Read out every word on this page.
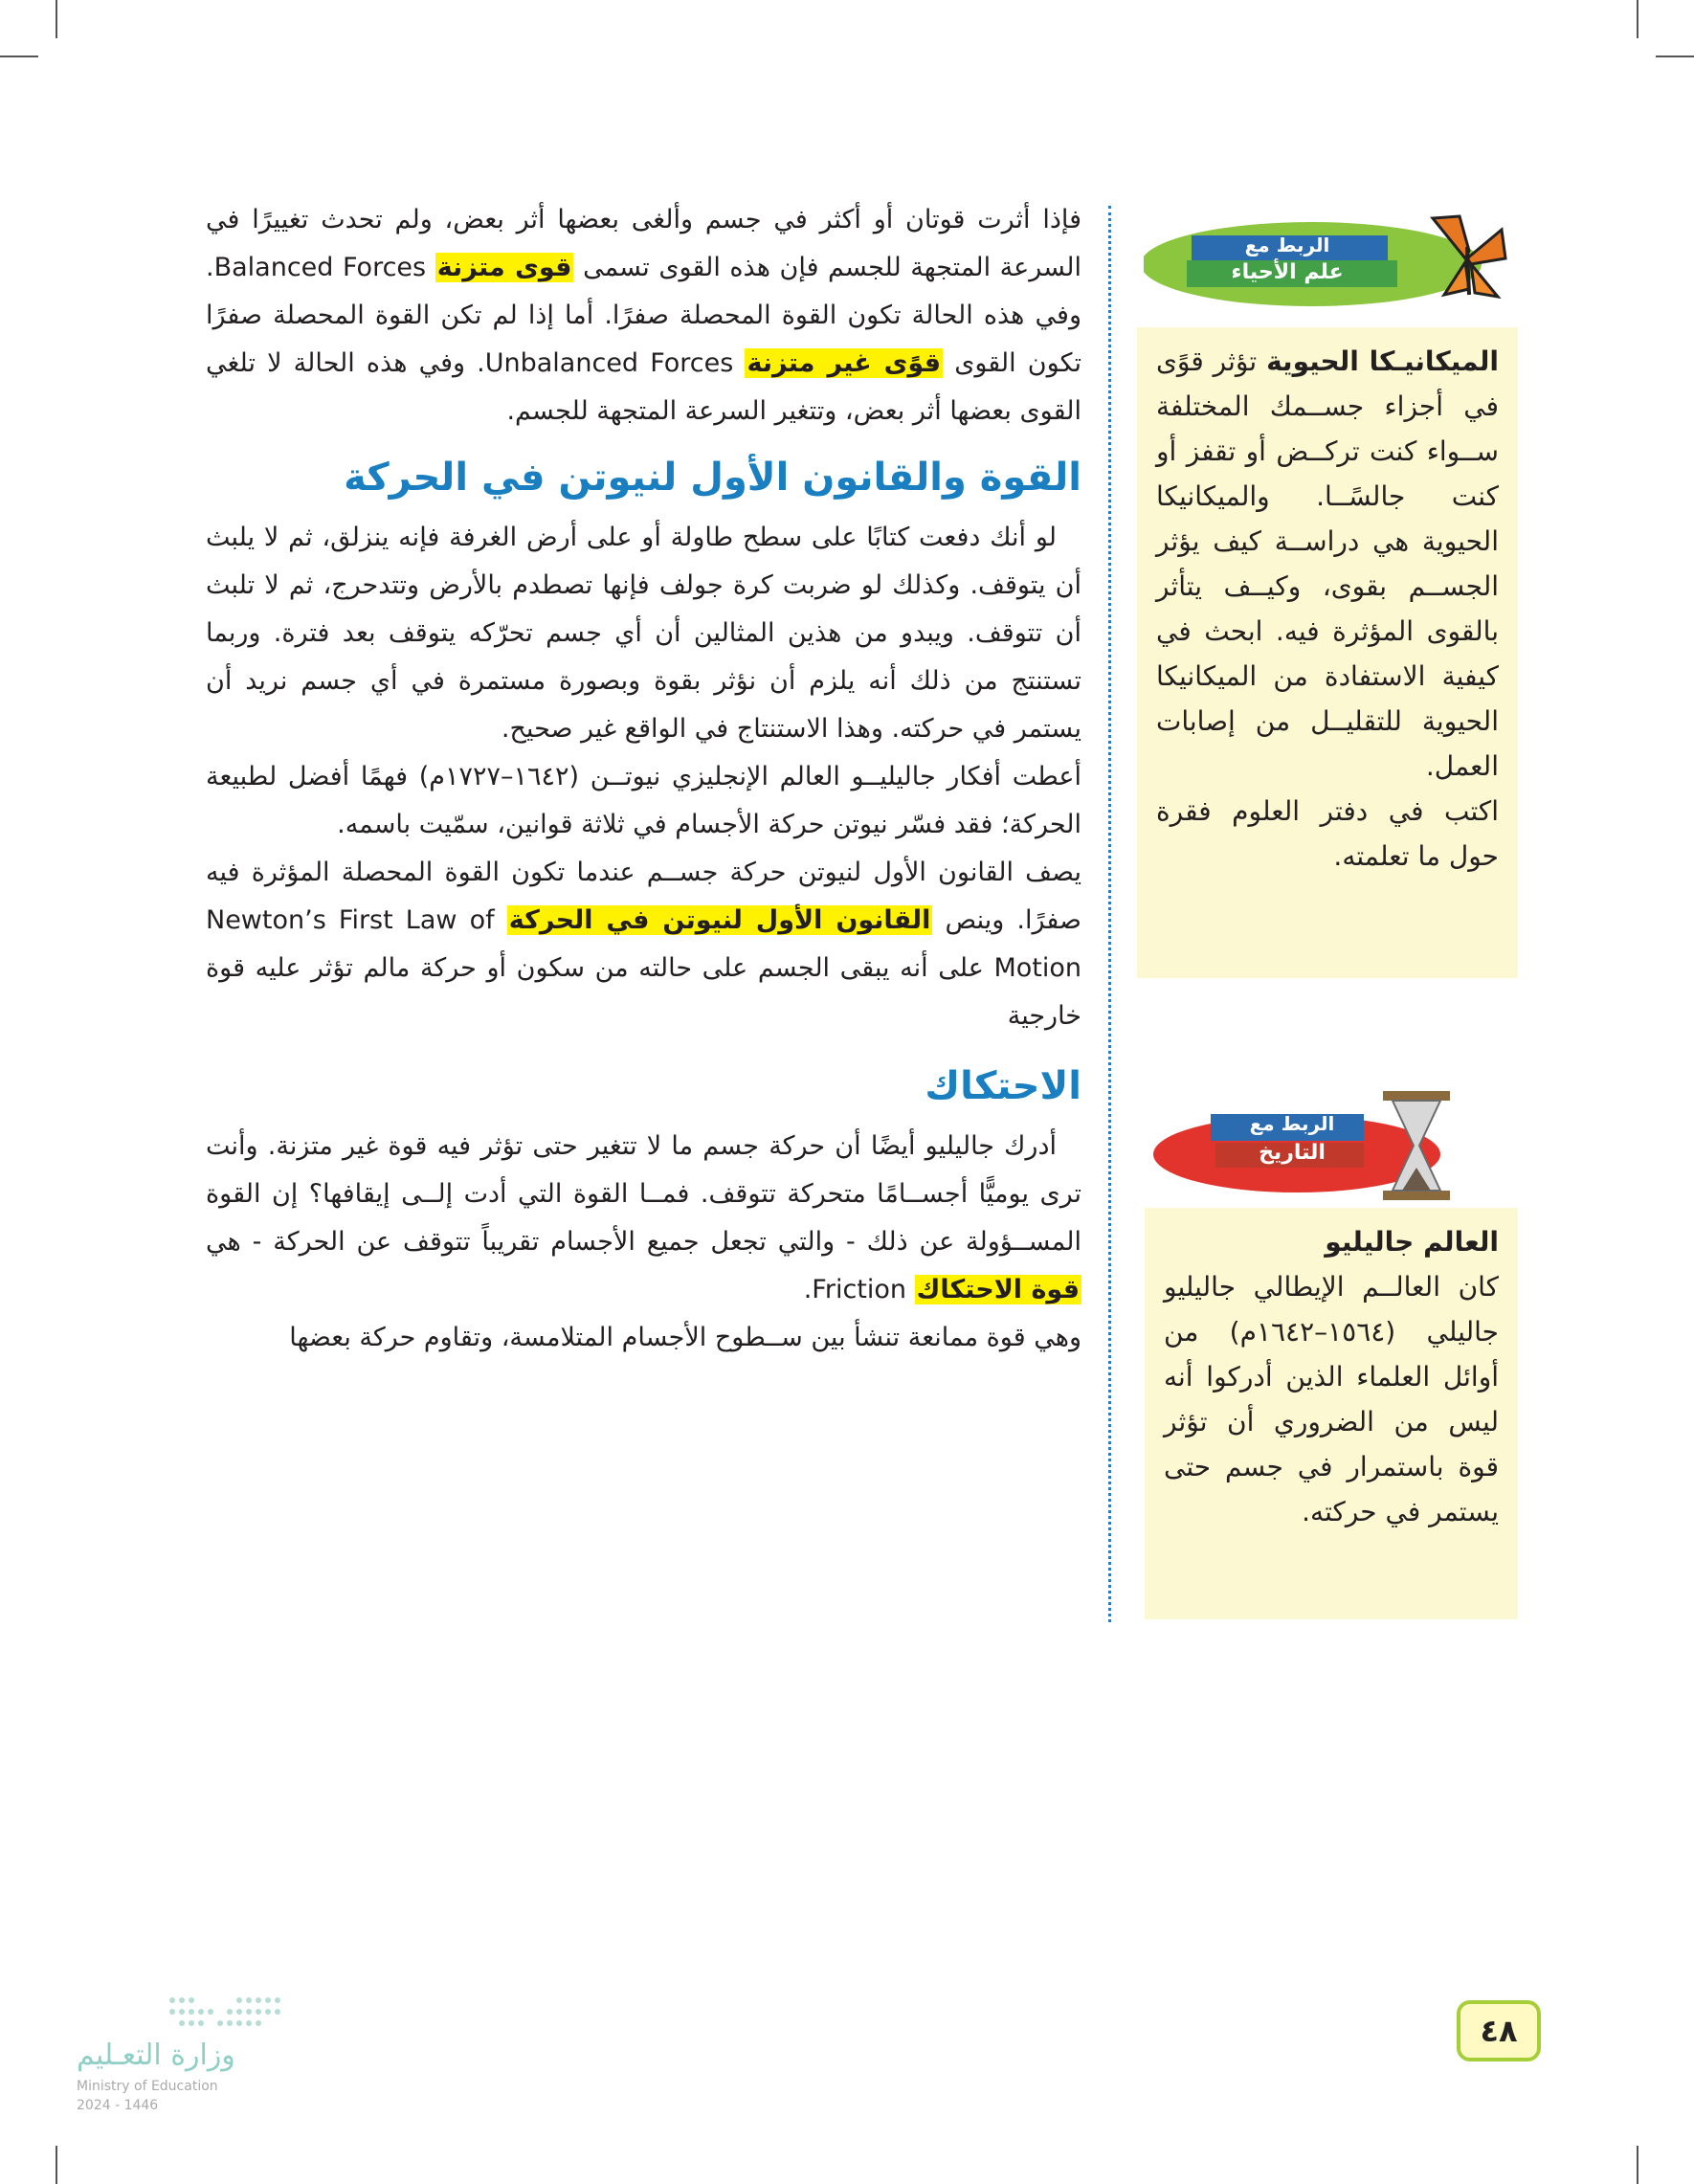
فإذا أثرت قوتان أو أكثر في جسم وألغى بعضها أثر بعض، ولم تحدث تغييرًا في السرعة المتجهة للجسم فإن هذه القوى تسمى قوى متزنة Balanced Forces. وفي هذه الحالة تكون القوة المحصلة صفرًا. أما إذا لم تكن القوة المحصلة صفرًا تكون القوى قوًى غير متزنة Unbalanced Forces. وفي هذه الحالة لا تلغي القوى بعضها أثر بعض، وتتغير السرعة المتجهة للجسم.

القوة والقانون الأول لنيوتن في الحركة

لو أنك دفعت كتابًا على سطح طاولة أو على أرض الغرفة فإنه ينزلق، ثم لا يلبث أن يتوقف. وكذلك لو ضربت كرة جولف فإنها تصطدم بالأرض وتتدحرج، ثم لا تلبث أن تتوقف. ويبدو من هذين المثالين أن أي جسم تحرّكه يتوقف بعد فترة. وربما تستنتج من ذلك أنه يلزم أن نؤثر بقوة وبصورة مستمرة في أي جسم نريد أن يستمر في حركته. وهذا الاستنتاج في الواقع غير صحيح.

أعطت أفكار جاليليــو العالم الإنجليزي نيوتــن (١٦٤٢–١٧٢٧م) فهمًا أفضل لطبيعة الحركة؛ فقد فسّر نيوتن حركة الأجسام في ثلاثة قوانين، سمّيت باسمه.

يصف القانون الأول لنيوتن حركة جســم عندما تكون القوة المحصلة المؤثرة فيه صفرًا. وينص القانون الأول لنيوتن في الحركة Newton’s First Law of Motion على أنه يبقى الجسم على حالته من سكون أو حركة مالم تؤثر عليه قوة خارجية

الاحتكاك

أدرك جاليليو أيضًا أن حركة جسم ما لا تتغير حتى تؤثر فيه قوة غير متزنة. وأنت ترى يوميًّا أجســامًا متحركة تتوقف. فمــا القوة التي أدت إلــى إيقافها؟ إن القوة المســؤولة عن ذلك - والتي تجعل جميع الأجسام تقريباً تتوقف عن الحركة - هي قوة الاحتكاك Friction.

وهي قوة ممانعة تنشأ بين ســطوح الأجسام المتلامسة، وتقاوم حركة بعضها

الربط مع
علم الأحياء
الميكانيـكا الحيوية تؤثر قوًى في أجزاء جســمك المختلفة ســواء كنت تركــض أو تقفز أو كنت جالسًــا. والميكانيكا الحيوية هي دراســة كيف يؤثر الجســم بقوى، وكيــف يتأثر بالقوى المؤثرة فيه. ابحث في كيفية الاستفادة من الميكانيكا الحيوية للتقليــل من إصابات العمل.
اكتب في دفتر العلوم فقرة حول ما تعلمته.
الربط مع
التاريخ
العالم جاليليو
كان العالــم الإيطالي جاليليو جاليلي (١٥٦٤–١٦٤٢م) من أوائل العلماء الذين أدركوا أنه ليس من الضروري أن تؤثر قوة باستمرار في جسم حتى يستمر في حركته.
٤٨
وزارة التعـليم
Ministry of Education
2024 - 1446
